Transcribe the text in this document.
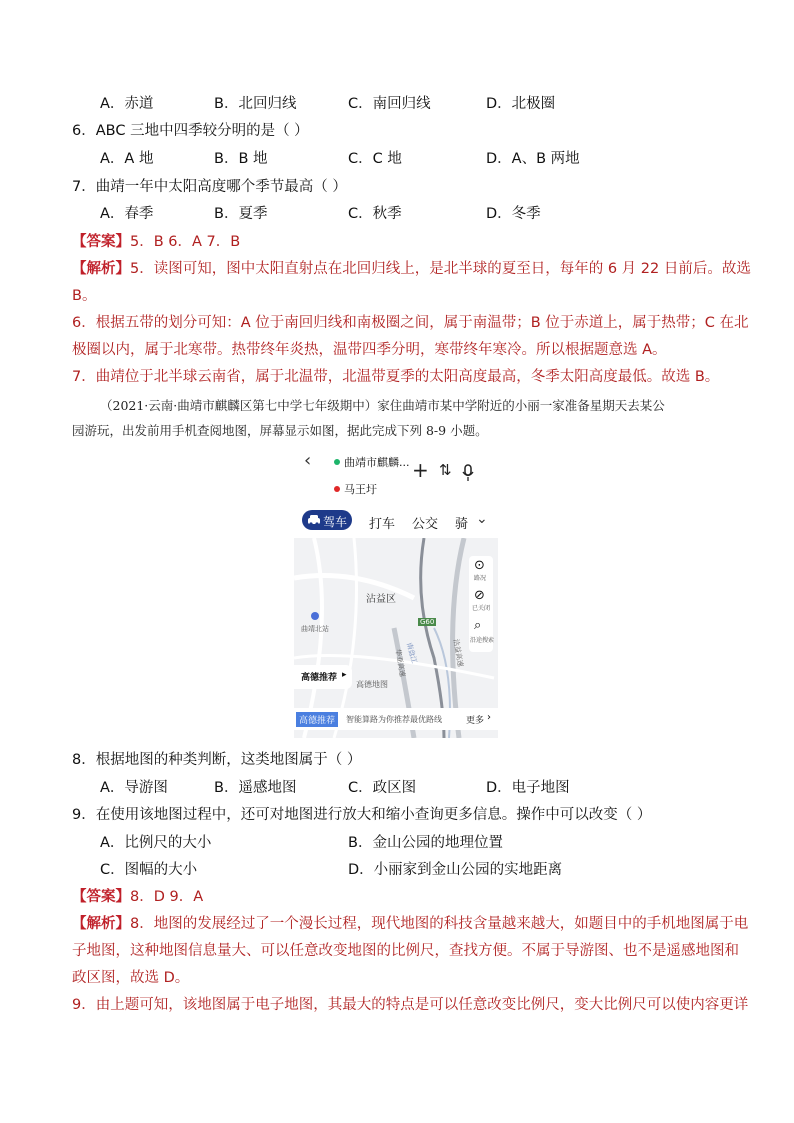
A．赤道	B．北回归线	C．南回归线	D．北极圈
6．ABC 三地中四季较分明的是（ ）
A．A 地	B．B 地	C．C 地	D．A、B 两地
7．曲靖一年中太阳高度哪个季节最高（ ）
A．春季	B．夏季	C．秋季	D．冬季
【答案】5．B 6．A 7．B
【解析】5．读图可知，图中太阳直射点在北回归线上，是北半球的夏至日，每年的 6 月 22 日前后。故选
B。
6．根据五带的划分可知：A 位于南回归线和南极圈之间，属于南温带；B 位于赤道上，属于热带；C 在北
极圈以内，属于北寒带。热带终年炎热，温带四季分明，寒带终年寒冷。所以根据题意选 A。
7．曲靖位于北半球云南省，属于北温带，北温带夏季的太阳高度最高，冬季太阳高度最低。故选 B。
（2021·云南·曲靖市麒麟区第七中学七年级期中）家住曲靖市某中学附近的小丽一家准备星期天去某公
园游玩，出发前用手机查阅地图，屏幕显示如图，据此完成下列 8-9 小题。
‹	曲靖市麒麟...
马王圩
+ ⇅
驾车 打车 公交 骑 ⌄
沾益区
曲靖北站
G60
南盘江
华亚高速	沾益高速
高德地图
⊙
路况
⊘
已关闭
⌕
沿途搜索
高德推荐 ▸
高德推荐	智能算路为你推荐最优路线	更多 ›
8．根据地图的种类判断，这类地图属于（ ）
A．导游图	B．遥感地图	C．政区图	D．电子地图
9．在使用该地图过程中，还可对地图进行放大和缩小查询更多信息。操作中可以改变（ ）
A．比例尺的大小	B．金山公园的地理位置
C．图幅的大小	D．小丽家到金山公园的实地距离
【答案】8．D 9．A
【解析】8．地图的发展经过了一个漫长过程，现代地图的科技含量越来越大，如题目中的手机地图属于电
子地图，这种地图信息量大、可以任意改变地图的比例尺，查找方便。不属于导游图、也不是遥感地图和
政区图，故选 D。
9．由上题可知，该地图属于电子地图，其最大的特点是可以任意改变比例尺，变大比例尺可以使内容更详
